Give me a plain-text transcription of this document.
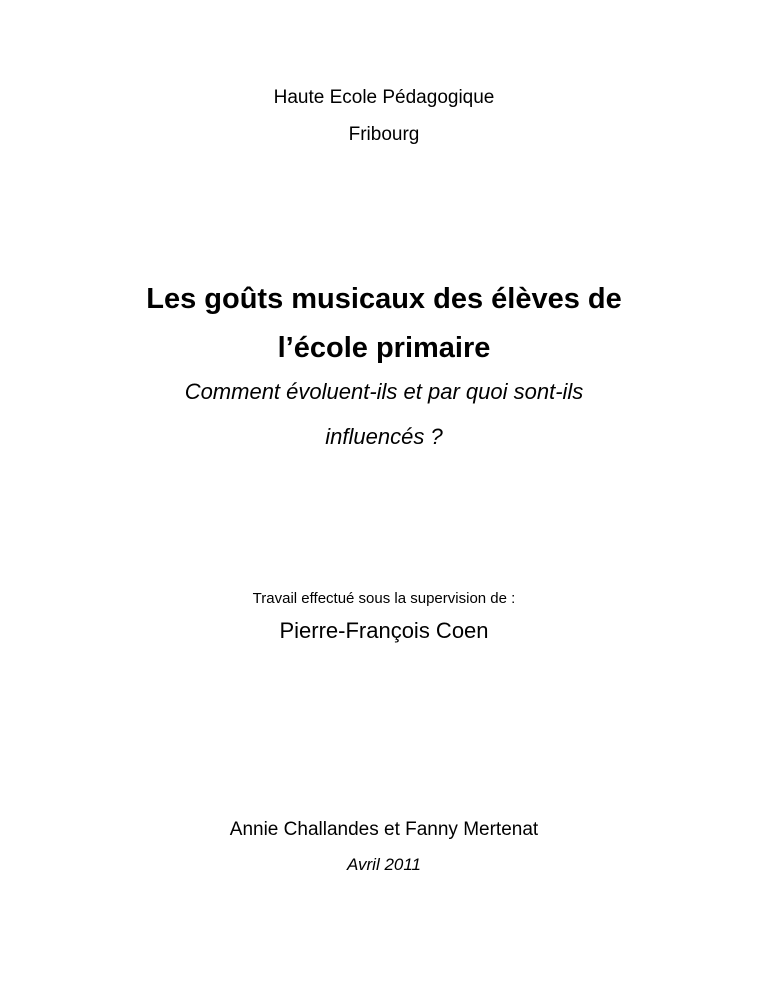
Haute Ecole Pédagogique
Fribourg
Les goûts musicaux des élèves de
l’école primaire
Comment évoluent-ils et par quoi sont-ils
influencés ?
Travail effectué sous la supervision de :
Pierre-François Coen
Annie Challandes et Fanny Mertenat
Avril 2011
